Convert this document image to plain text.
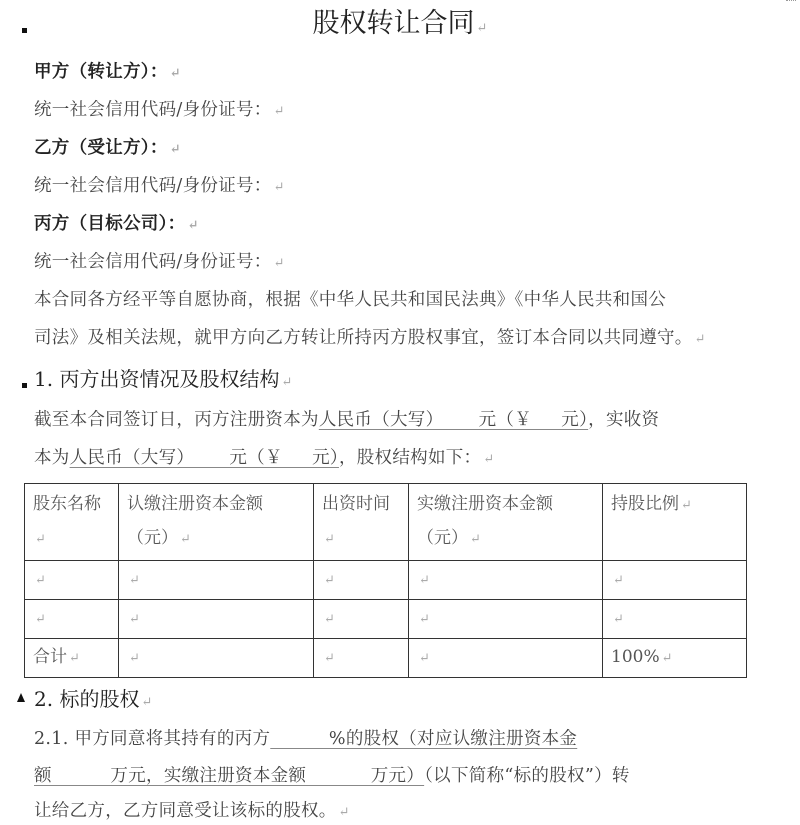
股权转让合同 ↵
甲方（转让方）： ↵
统一社会信用代码/身份证号： ↵
乙方（受让方）： ↵
统一社会信用代码/身份证号： ↵
丙方（目标公司）： ↵
统一社会信用代码/身份证号： ↵
本合同各方经平等自愿协商，根据《中华人民共和国民法典》《中华人民共和国公
司法》及相关法规，就甲方向乙方转让所持丙方股权事宜，签订本合同以共同遵守。 ↵
1. 丙方出资情况及股权结构 ↵
截至本合同签订日，丙方注册资本为人民币（大写）      元（￥     元），实收资
本为人民币（大写）      元（￥     元），股权结构如下： ↵
股东名称 ↵	认缴注册资本金额（元） ↵	出资时间 ↵	实缴注册资本金额（元） ↵	持股比例 ↵
↵	↵	↵	↵	↵
↵	↵	↵	↵	↵
合计 ↵	↵	↵	↵	100% ↵
2. 标的股权 ↵
2.1. 甲方同意将其持有的丙方          %的股权（对应认缴注册资本金
额          万元，实缴注册资本金额           万元）（以下简称“标的股权”）转
让给乙方，乙方同意受让该标的股权。 ↵
